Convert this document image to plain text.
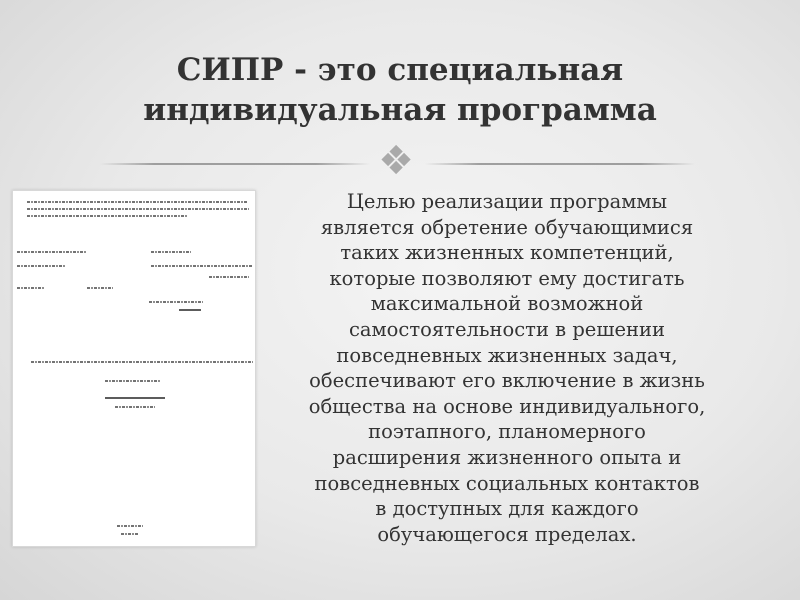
СИПР - это специальная
индивидуальная программа
❖
Целью реализации программы
является обретение обучающимися
таких жизненных компетенций,
которые позволяют ему достигать
максимальной возможной
самостоятельности в решении
повседневных жизненных задач,
обеспечивают его включение в жизнь
общества на основе индивидуального,
поэтапного, планомерного
расширения жизненного опыта и
повседневных социальных контактов
в доступных для каждого
обучающегося пределах.
